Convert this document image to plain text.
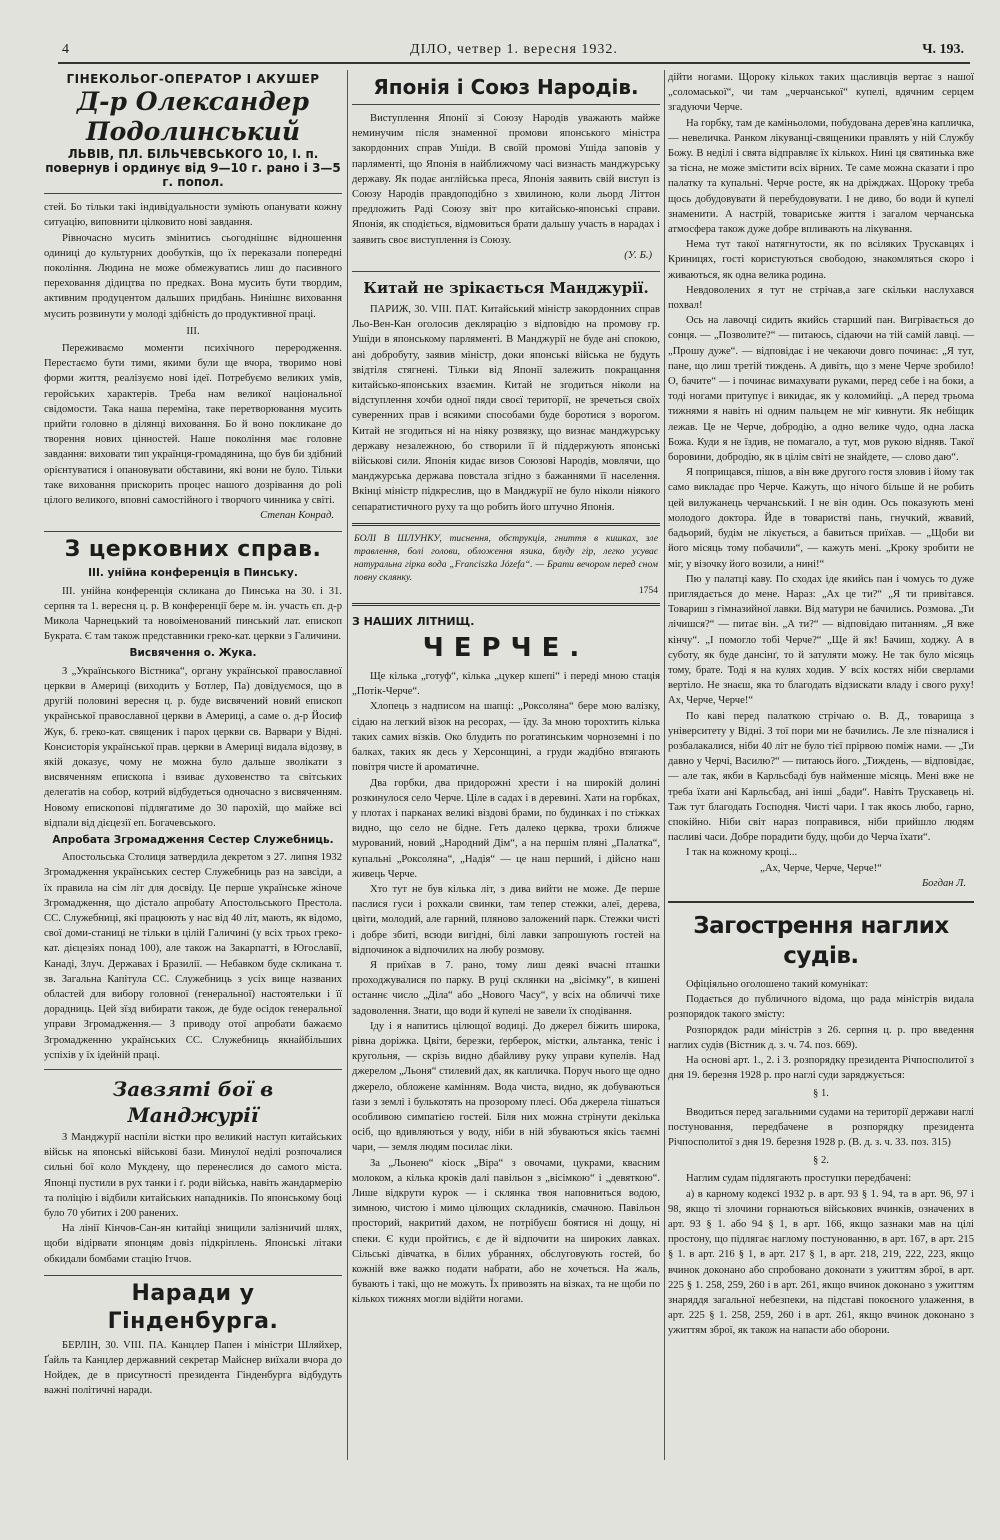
4	ДІЛО, четвер 1. вересня 1932.	Ч. 193.
ГІНЕКОЛЬОГ-ОПЕРАТОР І АКУШЕР
Д-р Олександер Подолинський
ЛЬВІВ, ПЛ. БІЛЬЧЕВСЬКОГО 10, І. п.
повернув і ординує від 9—10 г. рано і 3—5 г. попол.

стей. Бо тільки такі індивідуальности зуміють опанувати кожну ситуацію, виповнити цілковито нові завдання.

Рівночасно мусить змінитись сьогоднішнє відношення одиниці до культурних дообутків, що їх переказали попередні покоління. Людина не може обмежуватись лиш до пасивного переховання дідицтва по предках. Вона мусить бути твордим, активним продуцентом дальших придбань. Нинішнє виховання мусить розвинути у молоді здібність до продуктивної праці.

III.

Переживаємо моменти психічного переродження. Перестаємо бути тими, якими були ще вчора, творимо нові форми життя, реалізуємо нові ідеї. Потребуємо великих умів, геройських характерів. Треба нам великої національної свідомости. Така наша переміна, таке перетворювання мусить прийти головно в ділянці виховання. Бо й воно покликане до творення нових цінностей. Наше покоління має головне завдання: виховати тип українця-громадянина, що був би здібний орієнтуватися і опановувати обставини, які вони не було. Тільки таке виховання прискорить процес нашого дозрівання до рolі цілого великого, вповні самостійного і творчого чинника у світі.

Степан Конрад.
З церковних справ.
III. унійна конференція в Пинську.

III. унійна конференція скликана до Пинська на 30. і 31. серпня та 1. вересня ц. р. В конференції бере м. ін. участь єп. д-р Микола Чарнецький та новоіменований пинський лат. епископ Букрата. Є там також представники греко-кат. церкви з Галичини.

Висвячення о. Жука.

З „Українського Вістника“, органу української православної церкви в Америці (виходить у Ботлер, Па) довідуємося, що в другій половині вересня ц. р. буде висвячений новий епископ української православної церкви в Америці, а саме о. д-р Йосиф Жук, б. греко-кат. священик і парох церкви св. Варвари у Відні. Консисторія української прав. церкви в Америці видала відозву, в якій доказує, чому не можна було дальше зволікати з висвяченням епископа і взиває духовенство та світських делегатів на собор, котрий відбудеться одночасно з висвяченням. Новому епископові підлягатиме до 30 парохій, що майже всі відпали від дієцезії еп. Богачевського.

Апробата Згромадження Сестер Служебниць.

Апостольська Столиця затвердила декретом з 27. липня 1932 Згромадження українських сестер Служебниць раз на завсіди, а їх правила на сім літ для досвіду. Це перше українське жіноче Згромадження, що дістало апробату Апостольського Престола. СС. Служебниці, які працюють у нас від 40 літ, мають, як відомо, свої доми-станиці не тільки в цілій Галичині (у всіх трьох греко-кат. дієцезіях понад 100), але також на Закарпатті, в Югославії, Канаді, Злуч. Державах і Бразилії. — Небавком буде скликана т. зв. Загальна Капітула СС. Служебниць з усіх вище названих областей для вибору головної (генеральної) настоятельки і її дорадниць. Цей зїзд вибирати також, де буде осідок генеральної управи Згромадження.— З приводу отої апробати бажаємо Згромадженню українських СС. Служебниць якнайбільших успіхів у їх ідейній праці.

Завзяті бої в Манджурії

З Манджурії наспіли вістки про великий наступ китайських військ на японські військові бази. Минулої неділі розпочалися сильні бої коло Мукдену, що перенеслися до самого міста. Японці пустили в рух танки і ґ. роди війська, навіть жандармерію та поліцію і відбили китайських нападників. По японському боці було 70 убитих і 200 ранених.

На лінії Кінчов-Сан-ян китайці знищили залізничий шлях, щоби відірвати японцям довіз підкріплень. Японські літаки обкидали бомбами стацію Ітчов.

Наради у Гінденбурга.

БЕРЛІН, 30. VIII. ПА. Канцлер Папен і міністри Шляйхер, Ґайль та Канцлер державний секретар Майснер виїхали вчора до Нойдек, де в присутності президента Гінденбурга відбудуть важні політичні наради.

Японія і Союз Народів.

Виступлення Японії зі Союзу Народів уважають майже неминучим після знаменної промови японського міністра закордонних справ Ушіди. В своїй промові Ушіда заповів у парляменті, що Японія в найближчому часі визнасть манджурську державу. Як подає англійська преса, Японія заявить свій виступ із Союзу Народів правдоподібно з хвилиною, коли льорд Літтон предложить Раді Союзу звіт про китайсько-японські справи. Японія, як сподіється, відмовиться брати дальшу участь в нарадах і заявить своє виступлення із Союзу.

(У. Б.)
Китай не зрікається Манджурії.

ПАРИЖ, 30. VIII. ПАТ. Китайський міністр закордонних справ Льо-Вен-Кан оголосив деклярацію з відповідю на промову гр. Ушіди в японському парляменті. В Манджурії не буде ані спокою, ані добробуту, заявив міністр, доки японські війська не будуть звідтіля стягнені. Тільки від Японії залежить покращання китайсько-японських взаємин. Китай не згодиться ніколи на відступлення хочби одної пяди своєї території, не зречеться своїх суверенних прав і всякими способами буде боротися з ворогом. Китай не згодиться ні на ніяку розвязку, що визнає манджурську державу незалежною, бо створили її й піддержують японські військові сили. Японія кидає визов Союзові Народів, мовлячи, що манджурська держава повстала згідно з бажаннями її населення. Вкінці міністр підкреслив, що в Манджурії не було ніколи ніякого сепаратистичного руху та що робить його штучно Японія.

БОЛІ В ШЛУНКУ, тиснення, обструкція, гниття в кишках, зле травлення, болі голови, обложення язика, блуду гір, легко усуває натуральна гірка вода „Franciszka Józefa“. — Брати вечором перед сном повну склянку.
1754
З НАШИХ ЛІТНИЩ.
ЧЕРЧЕ.

Ще кілька „готуф“, кілька „цукер кшепі“ і переді мною стація „Потік-Черче“.

Хлопець з надписом на шапці: „Роксоляна“ бере мою валізку, сідаю на легкий візок на ресорах, — їду. За мною торохтить кілька таких самих візків. Око блудить по рогатинським чорноземні і по балках, таких як десь у Херсонщині, а груди жадібно втягають повітря чисте й ароматичне.

Два горбки, два придорожні хрести і на широкій долині розкинулося село Черче. Ціле в садах і в деревині. Хати на горбках, у плотах і парканах великі віздові брами, по будинках і по стіжках видно, що село не бідне. Геть далеко церква, трохи ближче мурований, новий „Народний Дім“, а на першім пляні „Палатка“, купальні „Роксоляна“, „Надія“ — це наш перший, і дійсно наш живець Черче.

Хто тут не був кілька літ, з дива вийти не може. Де перше паслися гуси і рохкали свинки, там тепер стежки, алеї, дерева, цвіти, молодий, але гарний, пляново заложений парк. Стежки чисті і добре збиті, всюди вигідні, білі лавки запрошують гостей на відпочинок а відпочилих на любу розмову.

Я приїхав в 7. рано, тому лиш деякі вчасні пташки проходжувалися по парку. В руці склянки на „вісімку“, в кишені останнє число „Діла“ або „Нового Часу“, у всіх на обличчі тихе задоволення. Знати, що води й купелі не завели їх сподівання.

Іду і я напитись цілющої водиці. До джерел біжить широка, рівна доріжка. Цвіти, березки, ґерберок, містки, альтанка, теніс і кругольня, — скрізь видно дбайливу руку управи купелів. Над джерелом „Льоня“ стилевий дах, як капличка. Поруч нього ще одно джерело, обложене камінням. Вода чиста, видно, як добуваються ґази з землі і булькотять на прозорому плесі. Оба джерела тішаться особливою симпатією гостей. Біля них можна стрінути декілька осіб, що вдивляються у воду, ніби в ній збуваються якісь таємні чари, — земля людям посилає ліки.

За „Льонею“ кіоск „Віра“ з овочами, цукрами, квасним молоком, а кілька кроків далі павільон з „вісімкою“ і „девяткою“. Лише відкрути курок — і склянка твоя наповниться водою, зимною, чистою і мимо цілющих складників, смачною. Павільон просторий, накритий дахом, не потрібуєш боятися ні дощу, ні спеки. Є куди пройтись, є де й відпочити на широких лавках. Сільські дівчатка, в білих убраннях, обслуговують гостей, бо кожній вже важко подати набрати, або не хочеться. На жаль, бувають і такі, що не можуть. Їх привозять на візках, та не щоби по кількох тижнях могли відійти ногами.

дійти ногами. Щороку кількох таких щасливців вертає з нашої „соломаської“, чи там „черчанської“ купелі, вдячним серцем згадуючи Черче.

На горбку, там де каміньоломи, побудована дерев'яна капличка, — невеличка. Ранком лікуванці-священики правлять у ній Службу Божу. В неділі і свята відправляє їх кількох. Нині ця святинька вже за тісна, не може змістити всіх вірних. Те саме можна сказати і про палатку та купальні. Черче росте, як на дріжджах. Щороку треба щось добудовувати й перебудовувати. І не диво, бо води й купелі знаменити. А настрій, товариське життя і загалом черчанська атмосфера також дуже добре впливають на лікування.

Нема тут такої натягнутости, як по всіляких Трускавцях і Криницях, гості користуються свободою, знакомляться скоро і живаються, як одна велика родина.

Невдоволених я тут не стрічав,а заге скільки наслухався похвал!

Ось на лавочці сидить якийсь старший пан. Вигрівається до сонця. — „Позволите?“ — питаюсь, сідаючи на тій самій лавці. — „Прошу дуже“. — відповідає і не чекаючи довго починає: „Я тут, пане, що лиш третій тиждень. А дивіть, що з мене Черче зробило! О, бачите“ — і починає вимахувати руками, перед себе і на боки, а тоді ногами притупує і викидає, як у коломийці. „А перед трьома тижнями я навіть ні одним пальцем не міг кивнути. Як небіщик лежав. Це не Черче, добродію, а одно велике чудо, одна ласка Божа. Куди я не їздив, не помагало, а тут, мов рукою відняв. Такої боровини, добродію, як в цілім світі не знайдете, — слово даю“.

Я поприщався, пішов, а він вже другого гостя зловив і йому так само викладає про Черче. Кажуть, що нічого більше й не робить цей вилужанець черчанський. І не він один. Ось показують мені молодого доктора. Йде в товаристві пань, гнучкий, жвавий, бадьорий, будім не лікується, а бавиться приїхав. — „Щоби ви його місяць тому побачили“, — кажуть мені. „Кроку зробити не міг, у візочку його возили, а нині!“

Пю у палатці каву. По сходах іде якийсь пан і чомусь то дуже приглядається до мене. Нараз: „Ах це ти?“ „Я ти привітався. Товариш з гімназийної лавки. Від матури не бачились. Розмова. „Ти лічишся?“ — питає він. „А ти?“ — відповідаю питанням. „Я вже кінчу“. „І помогло тобі Черче?“ „Ще й як! Бачиш, ходжу. А в суботу, як буде дансінґ, то й затуляти можу. Не так було місяць тому, брате. Тоді я на кулях ходив. У всіх костях ніби сверлами вертіло. Не знаєш, яка то благодать відзискати владу і свого руху! Ах, Черче, Черче!“

По каві перед палаткою стрічаю о. В. Д., товарища з університету у Відні. З тої пори ми не бачились. Ле зле пізналися і розбалакалися, ніби 40 літ не було тієї прірвою поміж нами. — „Ти давно у Черчі, Василю?“ — питаюсь його. „Тиждень, — відповідає, — але так, якби в Карльсбаді був найменше місяць. Мені вже не треба їхати ані Карльсбад, ані інші „бади“. Навіть Трускавець ні. Таж тут благодать Господня. Чисті чари. І так якось любо, гарно, спокійно. Ніби світ нараз поправився, ніби прийшло людям пасливі часи. Добре порадити буду, щоби до Черча їхати“.

І так на кожному кроці...

„Ах, Черче, Черче, Черче!“

Богдан Л.
Загострення наглих судів.

Офіціяльно оголошено такий комунікат:

Подається до публичного відома, що рада міністрів видала розпорядок такого змісту:

Розпорядок ради міністрів з 26. серпня ц. р. про введення наглих судів (Вістник д. з. ч. 74. поз. 669).

На основі арт. 1., 2. і 3. розпорядку президента Річпосполитої з дня 19. березня 1928 р. про наглі суди заряджується:

§ 1.

Вводиться перед загальними судами на території держави наглі постуновання, передбачене в розпорядку президента Річпосполитої з дня 19. березня 1928 р. (В. д. з. ч. 33. поз. 315)

§ 2.

Наглим судам підлягають проступки передбачені:

а) в карному кодексі 1932 р. в арт. 93 § 1. 94, та в арт. 96, 97 і 98, якщо ті злочини горнаються військових вчинків, означених в арт. 93 § 1. або 94 § 1, в арт. 166, якщо зазнаки мав на цілі простону, що підлягає наглому постунованню, в арт. 167, в арт. 215 § 1. в арт. 216 § 1, в арт. 217 § 1, в арт. 218, 219, 222, 223, якщо вчинок доконано або спробовано доконати з ужиттям зброї, в арт. 225 § 1. 258, 259, 260 і в арт. 261, якщо вчинок доконано з ужиттям знаряддя загальної небезпеки, на підставі покоєного улаження, в арт. 225 § 1. 258, 259, 260 і в арт. 261, якщо вчинок доконано з ужиттям зброї, як також на напасти або оборони.
